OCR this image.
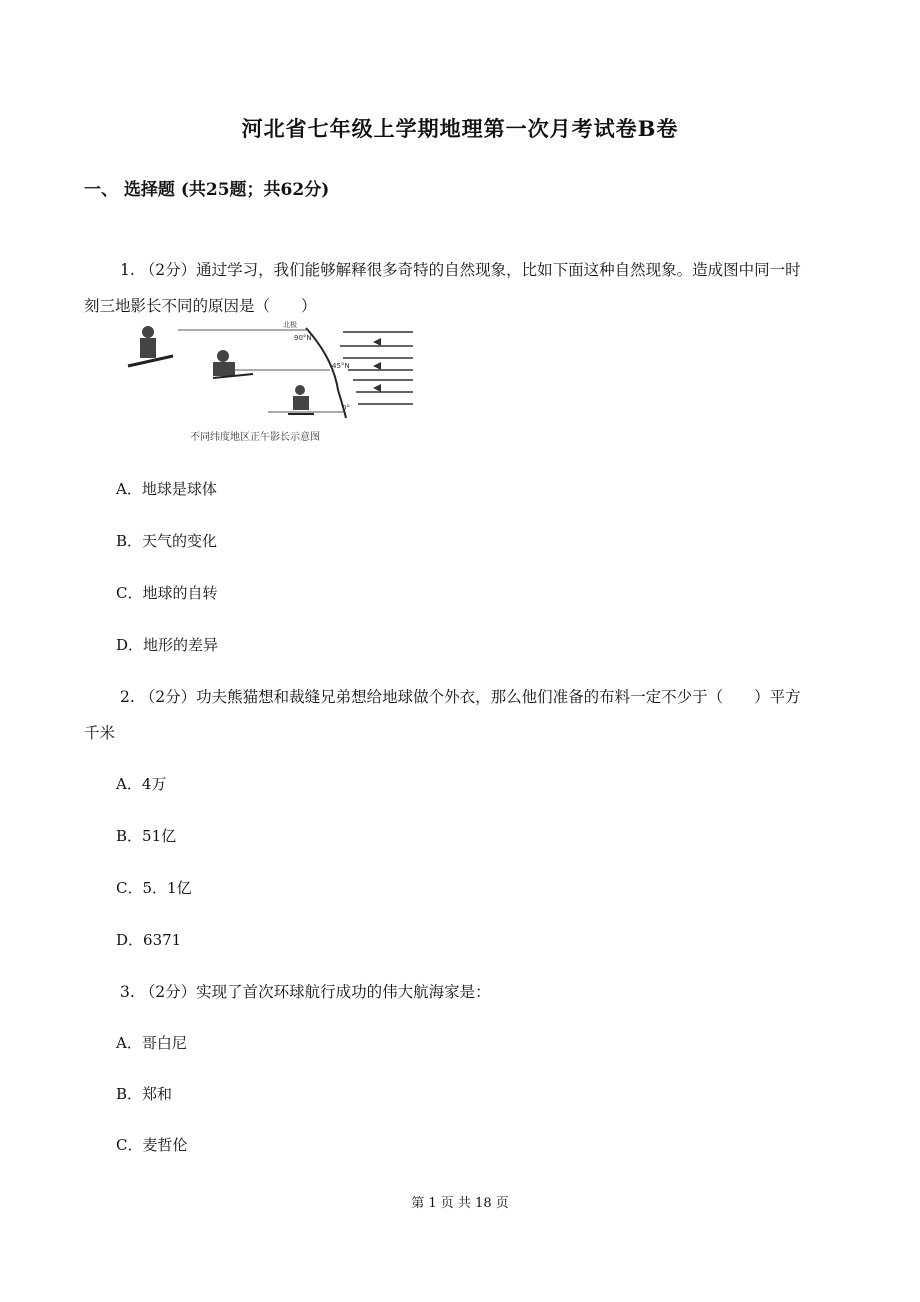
河北省七年级上学期地理第一次月考试卷B卷
一、 选择题 (共25题；共62分)
1. （2分）通过学习，我们能够解释很多奇特的自然现象，比如下面这种自然现象。造成图中同一时
刻三地影长不同的原因是（　　）
北极
90°N
45°N
0°
不同纬度地区正午影长示意图
A．地球是球体
B．天气的变化
C．地球的自转
D．地形的差异
2. （2分）功夫熊猫想和裁缝兄弟想给地球做个外衣，那么他们准备的布料一定不少于（　　）平方
千米
A．4万
B．51亿
C．5．1亿
D．6371
3. （2分）实现了首次环球航行成功的伟大航海家是：
A．哥白尼
B．郑和
C．麦哲伦
第 1 页 共 18 页
